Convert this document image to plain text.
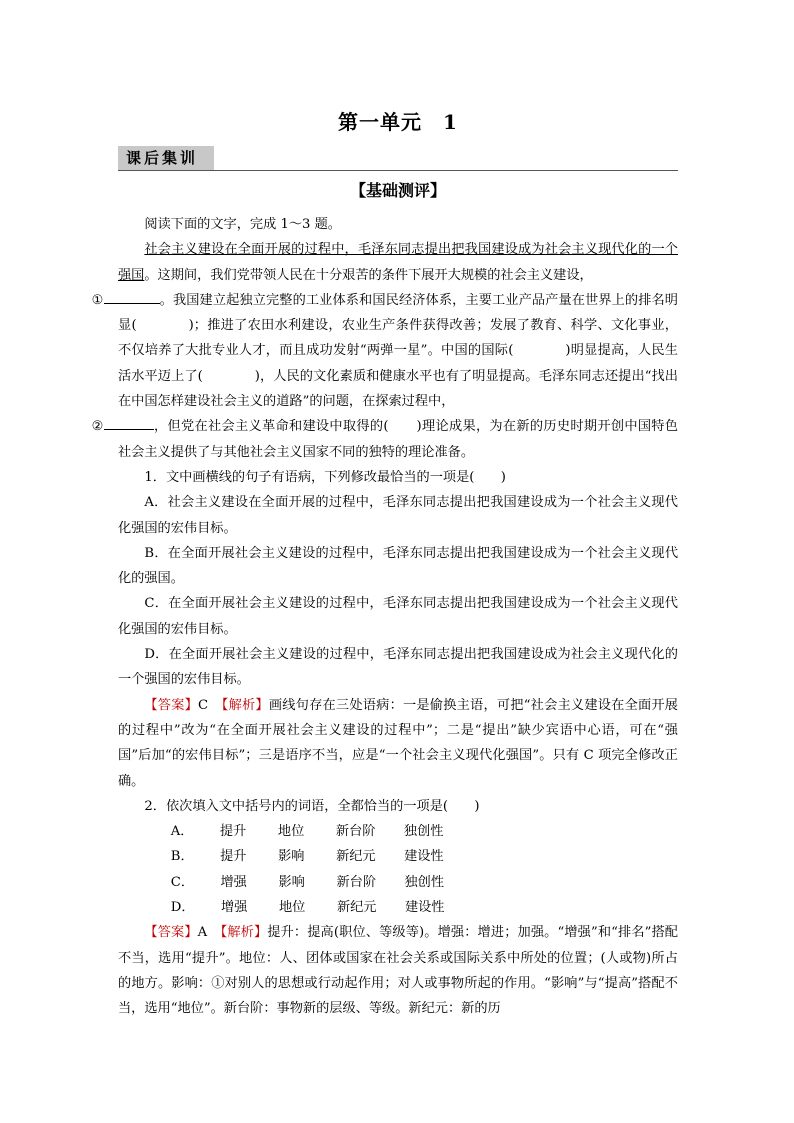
第一单元　1
课后集训
【基础测评】

阅读下面的文字，完成 1～3 题。

社会主义建设在全面开展的过程中，毛泽东同志提出把我国建设成为社会主义现代化的一个强国。这期间，我们党带领人民在十分艰苦的条件下展开大规模的社会主义建设，
①	。我国建立起独立完整的工业体系和国民经济体系，主要工业产品产量在世界上的排名明显(	)；推进了农田水利建设，农业生产条件获得改善；发展了教育、科学、文化事业，不仅培养了大批专业人才，而且成功发射“两弹一星”。中国的国际(	)明显提高，人民生活水平迈上了(	)，人民的文化素质和健康水平也有了明显提高。毛泽东同志还提出“找出在中国怎样建设社会主义的道路”的问题，在探索过程中，
②	，但党在社会主义革命和建设中取得的( )理论成果，为在新的历史时期开创中国特色社会主义提供了与其他社会主义国家不同的独特的理论准备。

1．文中画横线的句子有语病，下列修改最恰当的一项是(　　)

A．社会主义建设在全面开展的过程中，毛泽东同志提出把我国建设成为一个社会主义现代化强国的宏伟目标。

B．在全面开展社会主义建设的过程中，毛泽东同志提出把我国建设成为一个社会主义现代化的强国。

C．在全面开展社会主义建设的过程中，毛泽东同志提出把我国建设成为一个社会主义现代化强国的宏伟目标。

D．在全面开展社会主义建设的过程中，毛泽东同志提出把我国建设成为社会主义现代化的一个强国的宏伟目标。

【答案】C　【解析】画线句存在三处语病：一是偷换主语，可把“社会主义建设在全面开展的过程中”改为“在全面开展社会主义建设的过程中”；二是“提出”缺少宾语中心语，可在“强国”后加“的宏伟目标”；三是语序不当，应是“一个社会主义现代化强国”。只有 C 项完全修改正确。

2．依次填入文中括号内的词语，全都恰当的一项是(　　)

A． 提升 地位 新台阶 独创性

B． 提升 影响 新纪元 建设性

C． 增强 影响 新台阶 独创性

D． 增强 地位 新纪元 建设性

【答案】A　【解析】提升：提高(职位、等级等)。增强：增进；加强。“增强”和“排名”搭配不当，选用“提升”。地位：人、团体或国家在社会关系或国际关系中所处的位置；(人或物)所占的地方。影响：①对别人的思想或行动起作用；对人或事物所起的作用。“影响”与“提高”搭配不当，选用“地位”。新台阶：事物新的层级、等级。新纪元：新的历
